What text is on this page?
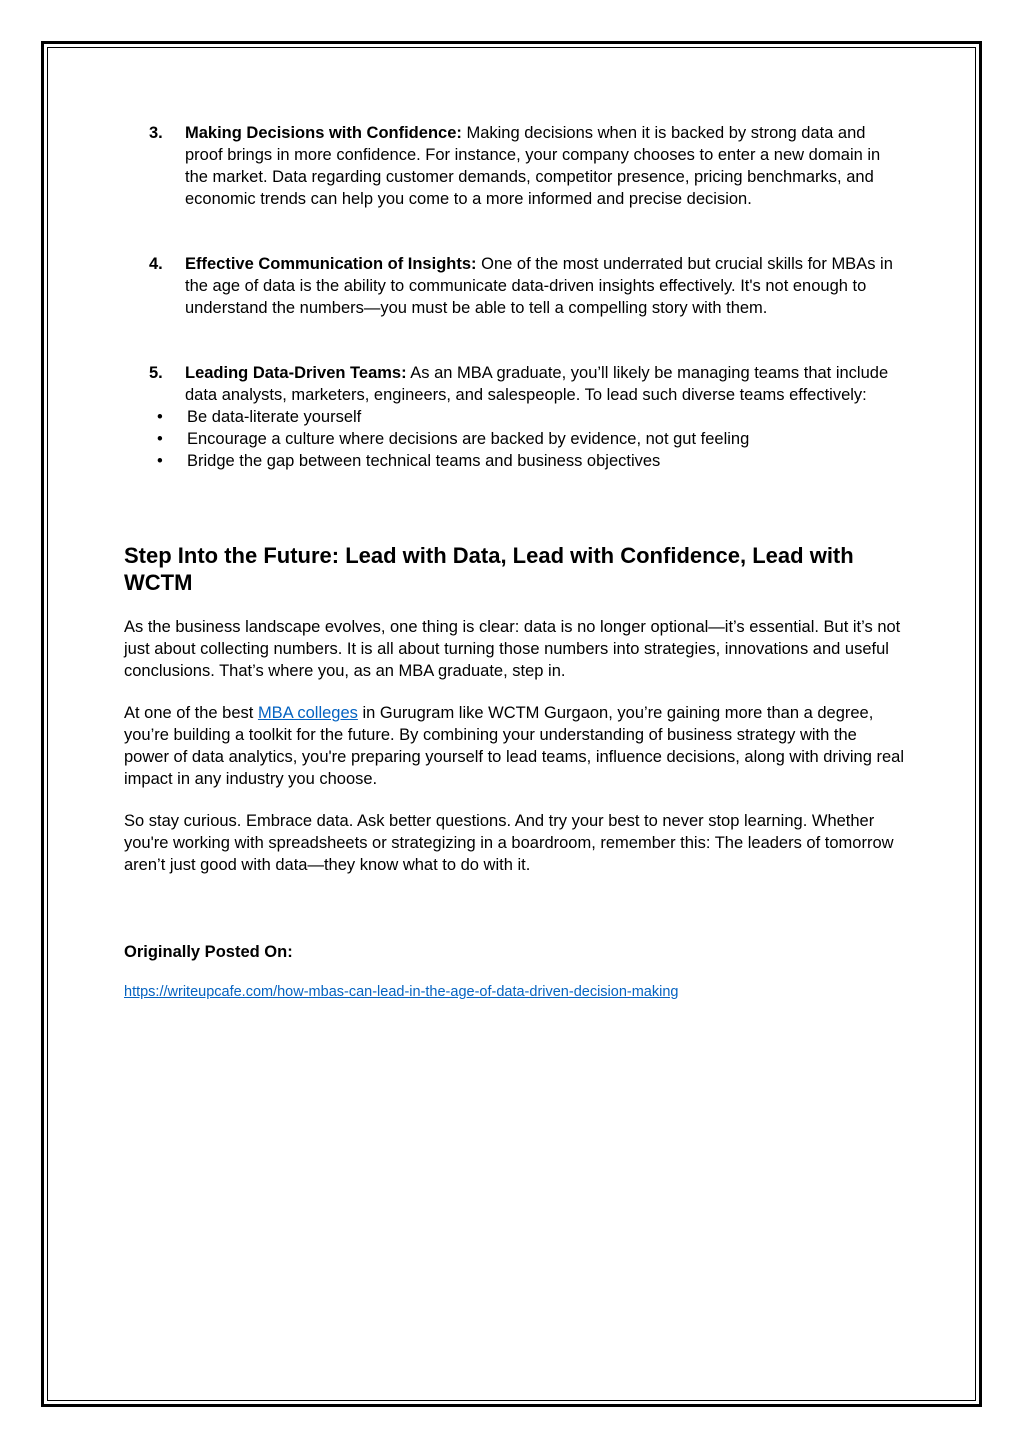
3. Making Decisions with Confidence: Making decisions when it is backed by strong data and proof brings in more confidence. For instance, your company chooses to enter a new domain in the market. Data regarding customer demands, competitor presence, pricing benchmarks, and economic trends can help you come to a more informed and precise decision.
4. Effective Communication of Insights: One of the most underrated but crucial skills for MBAs in the age of data is the ability to communicate data-driven insights effectively. It's not enough to understand the numbers—you must be able to tell a compelling story with them.
5. Leading Data-Driven Teams: As an MBA graduate, you’ll likely be managing teams that include data analysts, marketers, engineers, and salespeople. To lead such diverse teams effectively:
• Be data-literate yourself
• Encourage a culture where decisions are backed by evidence, not gut feeling
• Bridge the gap between technical teams and business objectives
Step Into the Future: Lead with Data, Lead with Confidence, Lead with WCTM

As the business landscape evolves, one thing is clear: data is no longer optional—it’s essential. But it’s not just about collecting numbers. It is all about turning those numbers into strategies, innovations and useful conclusions. That’s where you, as an MBA graduate, step in.

At one of the best MBA colleges in Gurugram like WCTM Gurgaon, you’re gaining more than a degree, you’re building a toolkit for the future. By combining your understanding of business strategy with the power of data analytics, you're preparing yourself to lead teams, influence decisions, along with driving real impact in any industry you choose.

So stay curious. Embrace data. Ask better questions. And try your best to never stop learning. Whether you're working with spreadsheets or strategizing in a boardroom, remember this: The leaders of tomorrow aren’t just good with data—they know what to do with it.

Originally Posted On:

https://writeupcafe.com/how-mbas-can-lead-in-the-age-of-data-driven-decision-making
